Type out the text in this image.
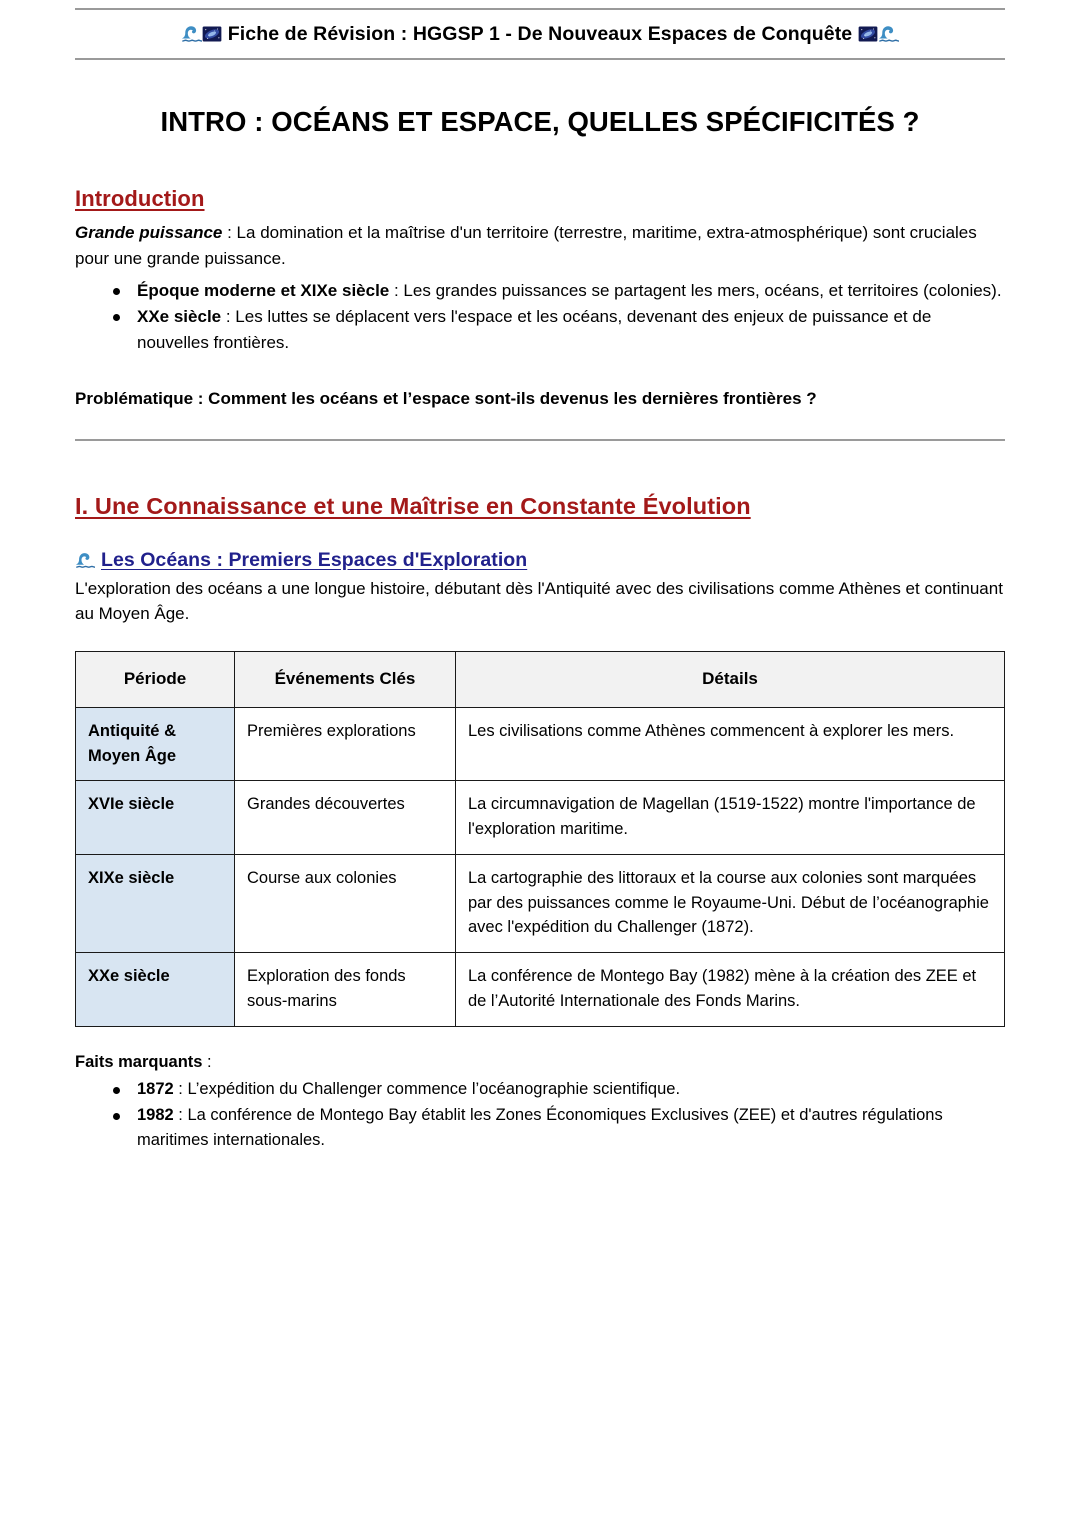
Fiche de Révision : HGGSP 1 - De Nouveaux Espaces de Conquête
INTRO : OCÉANS ET ESPACE, QUELLES SPÉCIFICITÉS ?
Introduction

Grande puissance : La domination et la maîtrise d'un territoire (terrestre, maritime, extra-atmosphérique) sont cruciales pour une grande puissance.

Époque moderne et XIXe siècle : Les grandes puissances se partagent les mers, océans, et territoires (colonies).
XXe siècle : Les luttes se déplacent vers l'espace et les océans, devenant des enjeux de puissance et de nouvelles frontières.

Problématique : Comment les océans et l’espace sont-ils devenus les dernières frontières ?

I. Une Connaissance et une Maîtrise en Constante Évolution
Les Océans : Premiers Espaces d'Exploration

L'exploration des océans a une longue histoire, débutant dès l'Antiquité avec des civilisations comme Athènes et continuant au Moyen Âge.

Période	Événements Clés	Détails
Antiquité & Moyen Âge	Premières explorations	Les civilisations comme Athènes commencent à explorer les mers.
XVIe siècle	Grandes découvertes	La circumnavigation de Magellan (1519-1522) montre l'importance de l'exploration maritime.
XIXe siècle	Course aux colonies	La cartographie des littoraux et la course aux colonies sont marquées par des puissances comme le Royaume-Uni. Début de l’océanographie avec l'expédition du Challenger (1872).
XXe siècle	Exploration des fonds sous-marins	La conférence de Montego Bay (1982) mène à la création des ZEE et de l’Autorité Internationale des Fonds Marins.

Faits marquants :

1872 : L’expédition du Challenger commence l’océanographie scientifique.
1982 : La conférence de Montego Bay établit les Zones Économiques Exclusives (ZEE) et d'autres régulations maritimes internationales.
